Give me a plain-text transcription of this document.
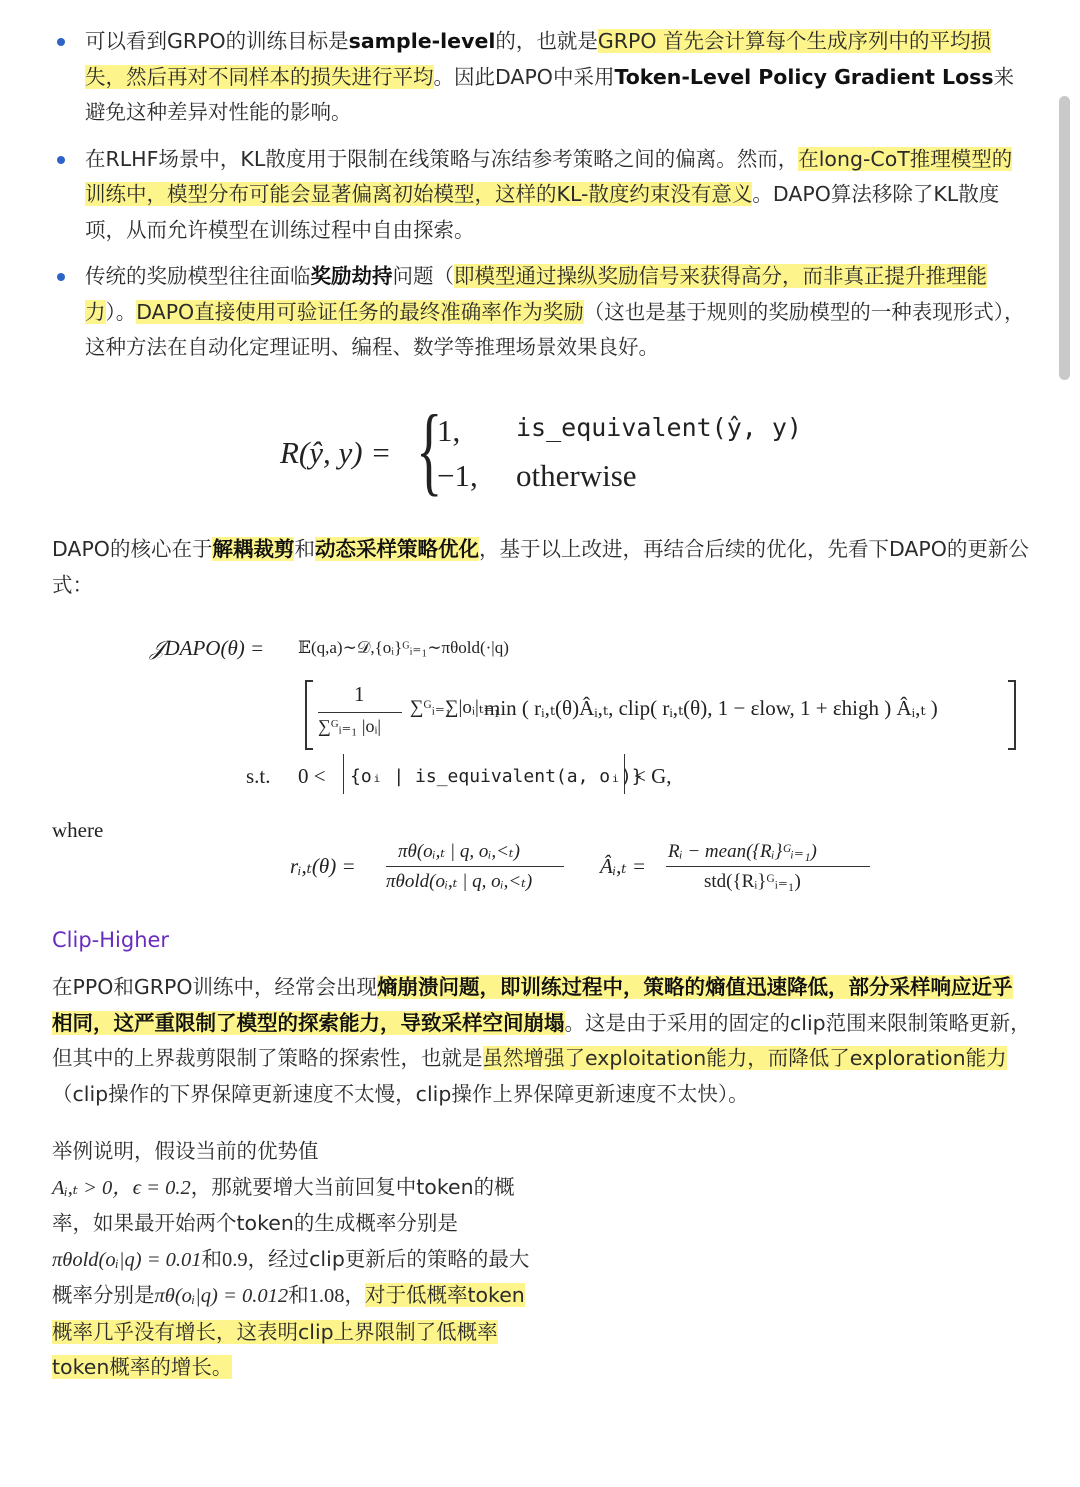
可以看到GRPO的训练目标是sample-level的，也就是GRPO 首先会计算每个生成序列中的平均损失，然后再对不同样本的损失进行平均。因此DAPO中采用Token-Level Policy Gradient Loss来避免这种差异对性能的影响。
在RLHF场景中，KL散度用于限制在线策略与冻结参考策略之间的偏离。然而，在long-CoT推理模型的训练中，模型分布可能会显著偏离初始模型，这样的KL-散度约束没有意义。DAPO算法移除了KL散度项，从而允许模型在训练过程中自由探索。
传统的奖励模型往往面临奖励劫持问题（即模型通过操纵奖励信号来获得高分，而非真正提升推理能力）。DAPO直接使用可验证任务的最终准确率作为奖励（这也是基于规则的奖励模型的一种表现形式），这种方法在自动化定理证明、编程、数学等推理场景效果良好。
R(ŷ, y) = {
1, is_equivalent(ŷ, y)
−1, otherwise
DAPO的核心在于解耦裁剪和动态采样策略优化，基于以上改进，再结合后续的优化，先看下DAPO的更新公式：
𝒥DAPO(θ) = 𝔼(q,a)∼𝒟,{oᵢ}ᴳᵢ₌₁∼πθold(·|q)
1
∑ᴳᵢ₌₁ |oᵢ|
∑ᴳᵢ₌₁
∑|oᵢ|ₜ₌₁
min ( rᵢ,ₜ(θ)Âᵢ,ₜ, clip( rᵢ,ₜ(θ), 1 − εlow, 1 + εhigh ) Âᵢ,ₜ )
s.t. 0 < {oᵢ | is_equivalent(a, oᵢ)}
< G,
where
rᵢ,ₜ(θ) =
πθ(oᵢ,ₜ | q, oᵢ,<ₜ)
πθold(oᵢ,ₜ | q, oᵢ,<ₜ)
Âᵢ,ₜ =
Rᵢ − mean({Rᵢ}ᴳᵢ₌₁)
std({Rᵢ}ᴳᵢ₌₁)
Clip-Higher
在PPO和GRPO训练中，经常会出现熵崩溃问题，即训练过程中，策略的熵值迅速降低，部分采样响应近乎相同，这严重限制了模型的探索能力，导致采样空间崩塌。这是由于采用的固定的clip范围来限制策略更新，但其中的上界裁剪限制了策略的探索性，也就是虽然增强了exploitation能力，而降低了exploration能力（clip操作的下界保障更新速度不太慢，clip操作上界保障更新速度不太快）。
举例说明，假设当前的优势值
Aᵢ,ₜ > 0，ϵ = 0.2，那就要增大当前回复中token的概率，如果最开始两个token的生成概率分别是πθold(oᵢ|q) = 0.01和0.9，经过clip更新后的策略的最大概率分别是πθ(oᵢ|q) = 0.012和1.08，对于低概率token概率几乎没有增长，这表明clip上界限制了低概率token概率的增长。
